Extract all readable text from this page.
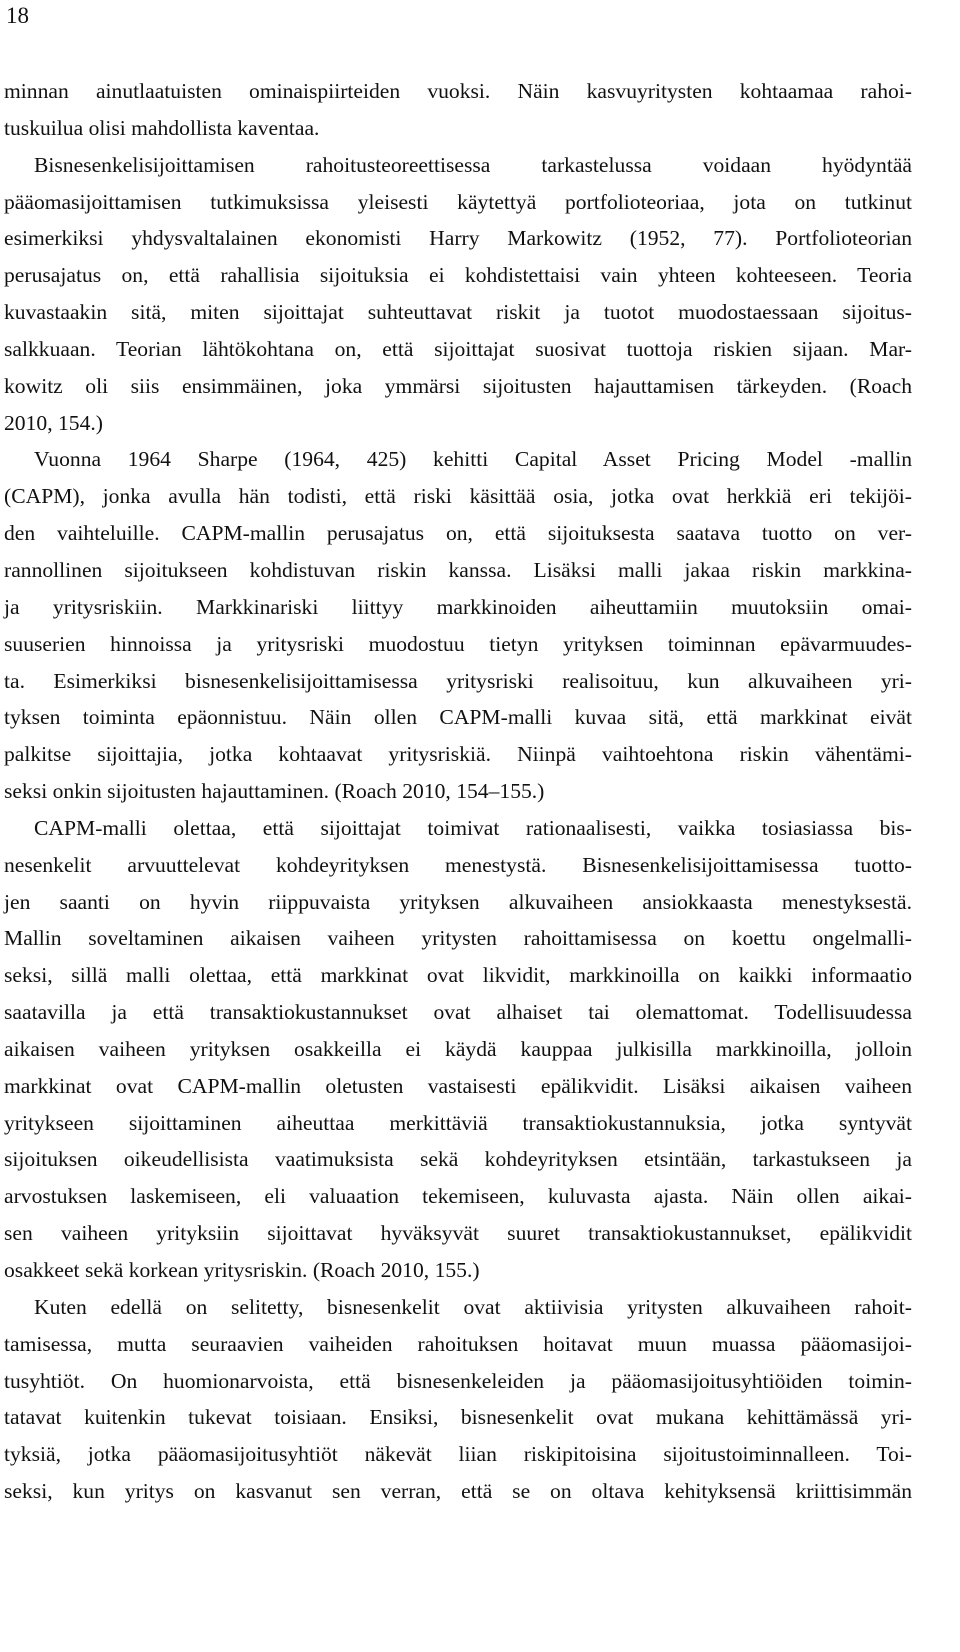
18
minnan ainutlaatuisten ominaispiirteiden vuoksi. Näin kasvuyritysten kohtaamaa rahoi-
tuskuilua olisi mahdollista kaventaa.
Bisnesenkelisijoittamisen rahoitusteoreettisessa tarkastelussa voidaan hyödyntää
pääomasijoittamisen tutkimuksissa yleisesti käytettyä portfolioteoriaa, jota on tutkinut
esimerkiksi yhdysvaltalainen ekonomisti Harry Markowitz (1952, 77). Portfolioteorian
perusajatus on, että rahallisia sijoituksia ei kohdistettaisi vain yhteen kohteeseen. Teoria
kuvastaakin sitä, miten sijoittajat suhteuttavat riskit ja tuotot muodostaessaan sijoitus-
salkkuaan. Teorian lähtökohtana on, että sijoittajat suosivat tuottoja riskien sijaan. Mar-
kowitz oli siis ensimmäinen, joka ymmärsi sijoitusten hajauttamisen tärkeyden. (Roach
2010, 154.)
Vuonna 1964 Sharpe (1964, 425) kehitti Capital Asset Pricing Model -mallin
(CAPM), jonka avulla hän todisti, että riski käsittää osia, jotka ovat herkkiä eri tekijöi-
den vaihteluille. CAPM-mallin perusajatus on, että sijoituksesta saatava tuotto on ver-
rannollinen sijoitukseen kohdistuvan riskin kanssa. Lisäksi malli jakaa riskin markkina-
ja yritysriskiin. Markkinariski liittyy markkinoiden aiheuttamiin muutoksiin omai-
suuserien hinnoissa ja yritysriski muodostuu tietyn yrityksen toiminnan epävarmuudes-
ta. Esimerkiksi bisnesenkelisijoittamisessa yritysriski realisoituu, kun alkuvaiheen yri-
tyksen toiminta epäonnistuu. Näin ollen CAPM-malli kuvaa sitä, että markkinat eivät
palkitse sijoittajia, jotka kohtaavat yritysriskiä. Niinpä vaihtoehtona riskin vähentämi-
seksi onkin sijoitusten hajauttaminen. (Roach 2010, 154–155.)
CAPM-malli olettaa, että sijoittajat toimivat rationaalisesti, vaikka tosiasiassa bis-
nesenkelit arvuuttelevat kohdeyrityksen menestystä. Bisnesenkelisijoittamisessa tuotto-
jen saanti on hyvin riippuvaista yrityksen alkuvaiheen ansiokkaasta menestyksestä.
Mallin soveltaminen aikaisen vaiheen yritysten rahoittamisessa on koettu ongelmalli-
seksi, sillä malli olettaa, että markkinat ovat likvidit, markkinoilla on kaikki informaatio
saatavilla ja että transaktiokustannukset ovat alhaiset tai olemattomat. Todellisuudessa
aikaisen vaiheen yrityksen osakkeilla ei käydä kauppaa julkisilla markkinoilla, jolloin
markkinat ovat CAPM-mallin oletusten vastaisesti epälikvidit. Lisäksi aikaisen vaiheen
yritykseen sijoittaminen aiheuttaa merkittäviä transaktiokustannuksia, jotka syntyvät
sijoituksen oikeudellisista vaatimuksista sekä kohdeyrityksen etsintään, tarkastukseen ja
arvostuksen laskemiseen, eli valuaation tekemiseen, kuluvasta ajasta. Näin ollen aikai-
sen vaiheen yrityksiin sijoittavat hyväksyvät suuret transaktiokustannukset, epälikvidit
osakkeet sekä korkean yritysriskin. (Roach 2010, 155.)
Kuten edellä on selitetty, bisnesenkelit ovat aktiivisia yritysten alkuvaiheen rahoit-
tamisessa, mutta seuraavien vaiheiden rahoituksen hoitavat muun muassa pääomasijoi-
tusyhtiöt. On huomionarvoista, että bisnesenkeleiden ja pääomasijoitusyhtiöiden toimin-
tatavat kuitenkin tukevat toisiaan. Ensiksi, bisnesenkelit ovat mukana kehittämässä yri-
tyksiä, jotka pääomasijoitusyhtiöt näkevät liian riskipitoisina sijoitustoiminnalleen. Toi-
seksi, kun yritys on kasvanut sen verran, että se on oltava kehityksensä kriittisimmän
